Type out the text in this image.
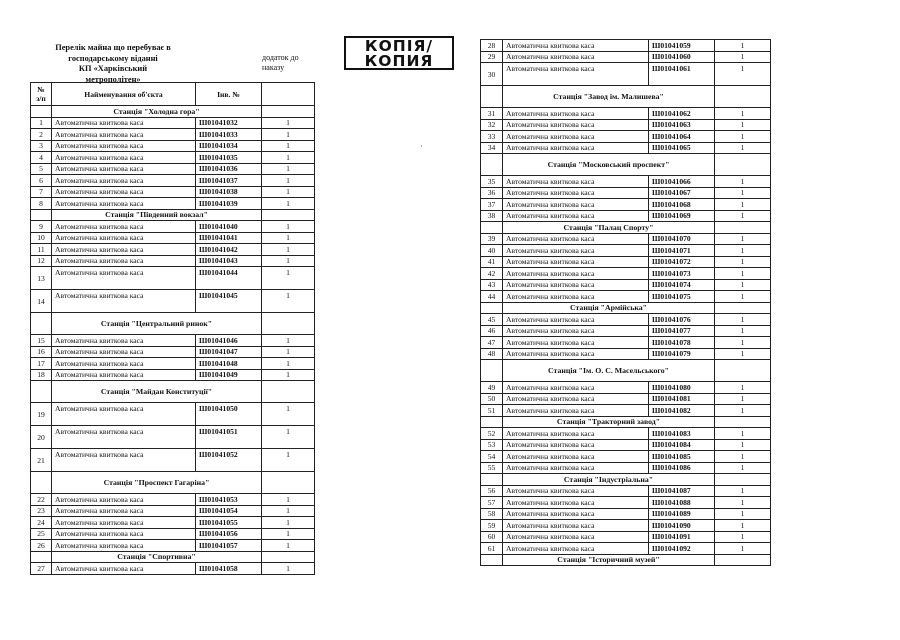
Перелік майна що перебуває в
господарському віданні
КП «Харківський
метрополітен»
додаток до
наказу
КОПІЯ/
КОПИЯ
·
№ з/п	Найменування об'єкта	Інв. №	
	Станція "Холодна гора"		
1	Автоматична квиткова каса	Ш01041032	1
2	Автоматична квиткова каса	Ш01041033	1
3	Автоматична квиткова каса	Ш01041034	1
4	Автоматична квиткова каса	Ш01041035	1
5	Автоматична квиткова каса	Ш01041036	1
6	Автоматична квиткова каса	Ш01041037	1
7	Автоматична квиткова каса	Ш01041038	1
8	Автоматична квиткова каса	Ш01041039	1
	Станція "Південний вокзал"		
9	Автоматична квиткова каса	Ш01041040	1
10	Автоматична квиткова каса	Ш01041041	1
11	Автоматична квиткова каса	Ш01041042	1
12	Автоматична квиткова каса	Ш01041043	1
13	Автоматична квиткова каса	Ш01041044	1
14	Автоматична квиткова каса	Ш01041045	1
	Станція "Центральний ринок"		
15	Автоматична квиткова каса	Ш01041046	1
16	Автоматична квиткова каса	Ш01041047	1
17	Автоматична квиткова каса	Ш01041048	1
18	Автоматична квиткова каса	Ш01041049	1
	Станція "Майдан Конституції"		
19	Автоматична квиткова каса	Ш01041050	1
20	Автоматична квиткова каса	Ш01041051	1
21	Автоматична квиткова каса	Ш01041052	1
	Станція "Проспект Гагаріна"		
22	Автоматична квиткова каса	Ш01041053	1
23	Автоматична квиткова каса	Ш01041054	1
24	Автоматична квиткова каса	Ш01041055	1
25	Автоматична квиткова каса	Ш01041056	1
26	Автоматична квиткова каса	Ш01041057	1
	Станція "Спортивна"		
27	Автоматична квиткова каса	Ш01041058	1
28	Автоматична квиткова каса	Ш01041059	1
29	Автоматична квиткова каса	Ш01041060	1
30	Автоматична квиткова каса	Ш01041061	1
	Станція "Завод ім. Малишева"		
31	Автоматична квиткова каса	Ш01041062	1
32	Автоматична квиткова каса	Ш01041063	1
33	Автоматична квиткова каса	Ш01041064	1
34	Автоматична квиткова каса	Ш01041065	1
	Станція "Московський проспект"		
35	Автоматична квиткова каса	Ш01041066	1
36	Автоматична квиткова каса	Ш01041067	1
37	Автоматична квиткова каса	Ш01041068	1
38	Автоматична квиткова каса	Ш01041069	1
	Станція "Палац Спорту"		
39	Автоматична квиткова каса	Ш01041070	1
40	Автоматична квиткова каса	Ш01041071	1
41	Автоматична квиткова каса	Ш01041072	1
42	Автоматична квиткова каса	Ш01041073	1
43	Автоматична квиткова каса	Ш01041074	1
44	Автоматична квиткова каса	Ш01041075	1
	Станція "Армійська"		
45	Автоматична квиткова каса	Ш01041076	1
46	Автоматична квиткова каса	Ш01041077	1
47	Автоматична квиткова каса	Ш01041078	1
48	Автоматична квиткова каса	Ш01041079	1
	Станція "Ім. О. С. Масельського"		
49	Автоматична квиткова каса	Ш01041080	1
50	Автоматична квиткова каса	Ш01041081	1
51	Автоматична квиткова каса	Ш01041082	1
	Станція "Тракторний завод"		
52	Автоматична квиткова каса	Ш01041083	1
53	Автоматична квиткова каса	Ш01041084	1
54	Автоматична квиткова каса	Ш01041085	1
55	Автоматична квиткова каса	Ш01041086	1
	Станція "Індустріальна"		
56	Автоматична квиткова каса	Ш01041087	1
57	Автоматична квиткова каса	Ш01041088	1
58	Автоматична квиткова каса	Ш01041089	1
59	Автоматична квиткова каса	Ш01041090	1
60	Автоматична квиткова каса	Ш01041091	1
61	Автоматична квиткова каса	Ш01041092	1
	Станція "Історичний музей"		
